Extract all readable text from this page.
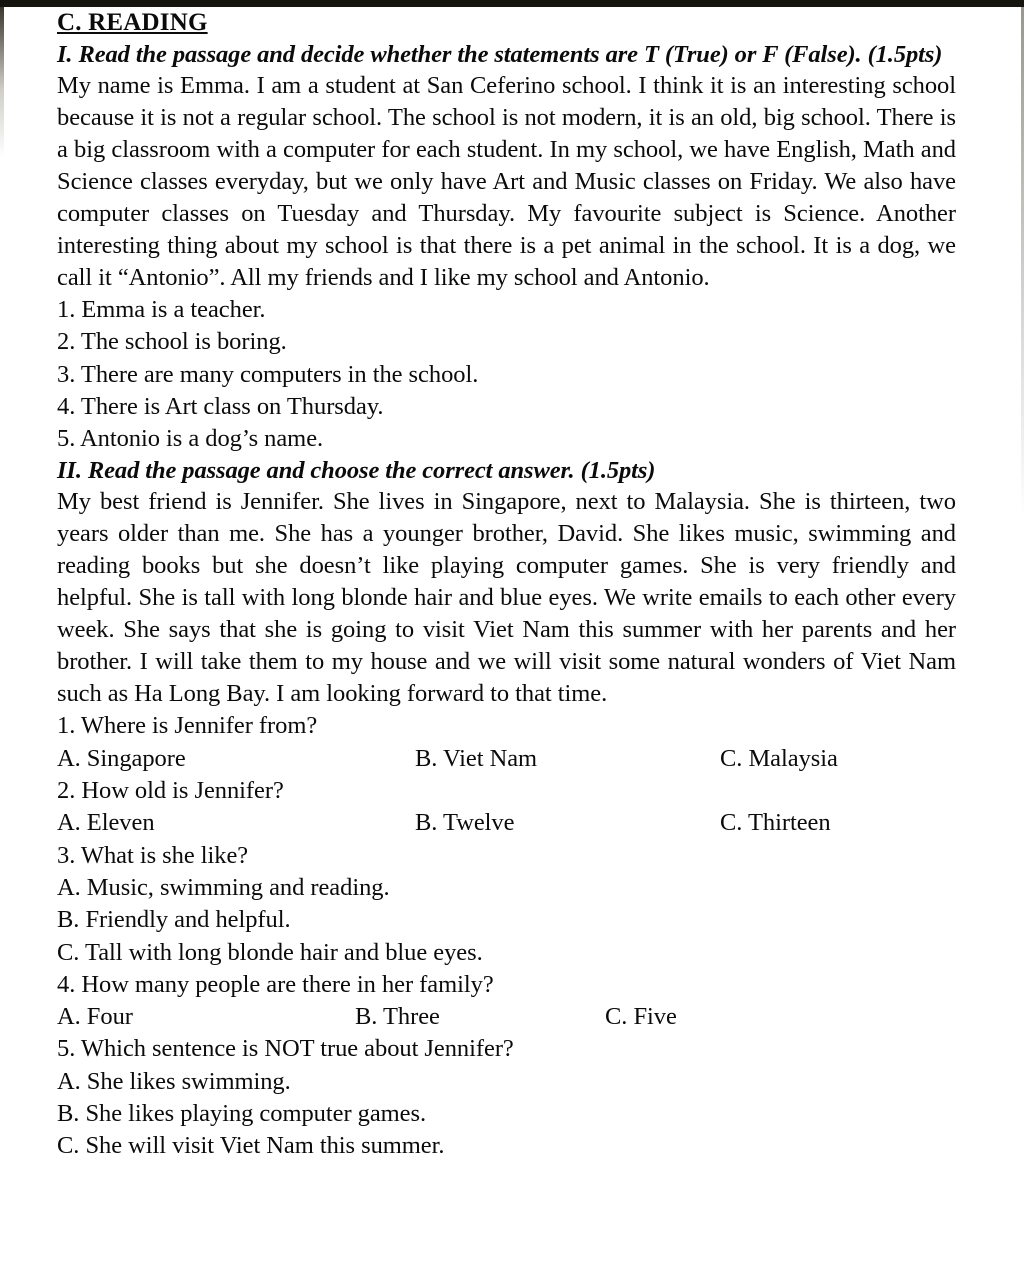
C. READING
I. Read the passage and decide whether the statements are T (True) or F (False). (1.5pts)
My name is Emma. I am a student at San Ceferino school. I think it is an interesting school because it is not a regular school. The school is not modern, it is an old, big school. There is a big classroom with a computer for each student. In my school, we have English, Math and Science classes everyday, but we only have Art and Music classes on Friday. We also have computer classes on Tuesday and Thursday. My favourite subject is Science. Another interesting thing about my school is that there is a pet animal in the school. It is a dog, we call it “Antonio”. All my friends and I like my school and Antonio.
1. Emma is a teacher.
2. The school is boring.
3. There are many computers in the school.
4. There is Art class on Thursday.
5. Antonio is a dog’s name.
II. Read the passage and choose the correct answer. (1.5pts)
My best friend is Jennifer. She lives in Singapore, next to Malaysia. She is thirteen, two years older than me. She has a younger brother, David. She likes music, swimming and reading books but she doesn’t like playing computer games. She is very friendly and helpful. She is tall with long blonde hair and blue eyes. We write emails to each other every week. She says that she is going to visit Viet Nam this summer with her parents and her brother. I will take them to my house and we will visit some natural wonders of Viet Nam such as Ha Long Bay. I am looking forward to that time.
1. Where is Jennifer from?
A. Singapore	B. Viet Nam	C. Malaysia
2. How old is Jennifer?
A. Eleven	B. Twelve	C. Thirteen
3. What is she like?
A. Music, swimming and reading.
B. Friendly and helpful.
C. Tall with long blonde hair and blue eyes.
4. How many people are there in her family?
A. Four	B. Three	C. Five
5. Which sentence is NOT true about Jennifer?
A. She likes swimming.
B. She likes playing computer games.
C. She will visit Viet Nam this summer.
